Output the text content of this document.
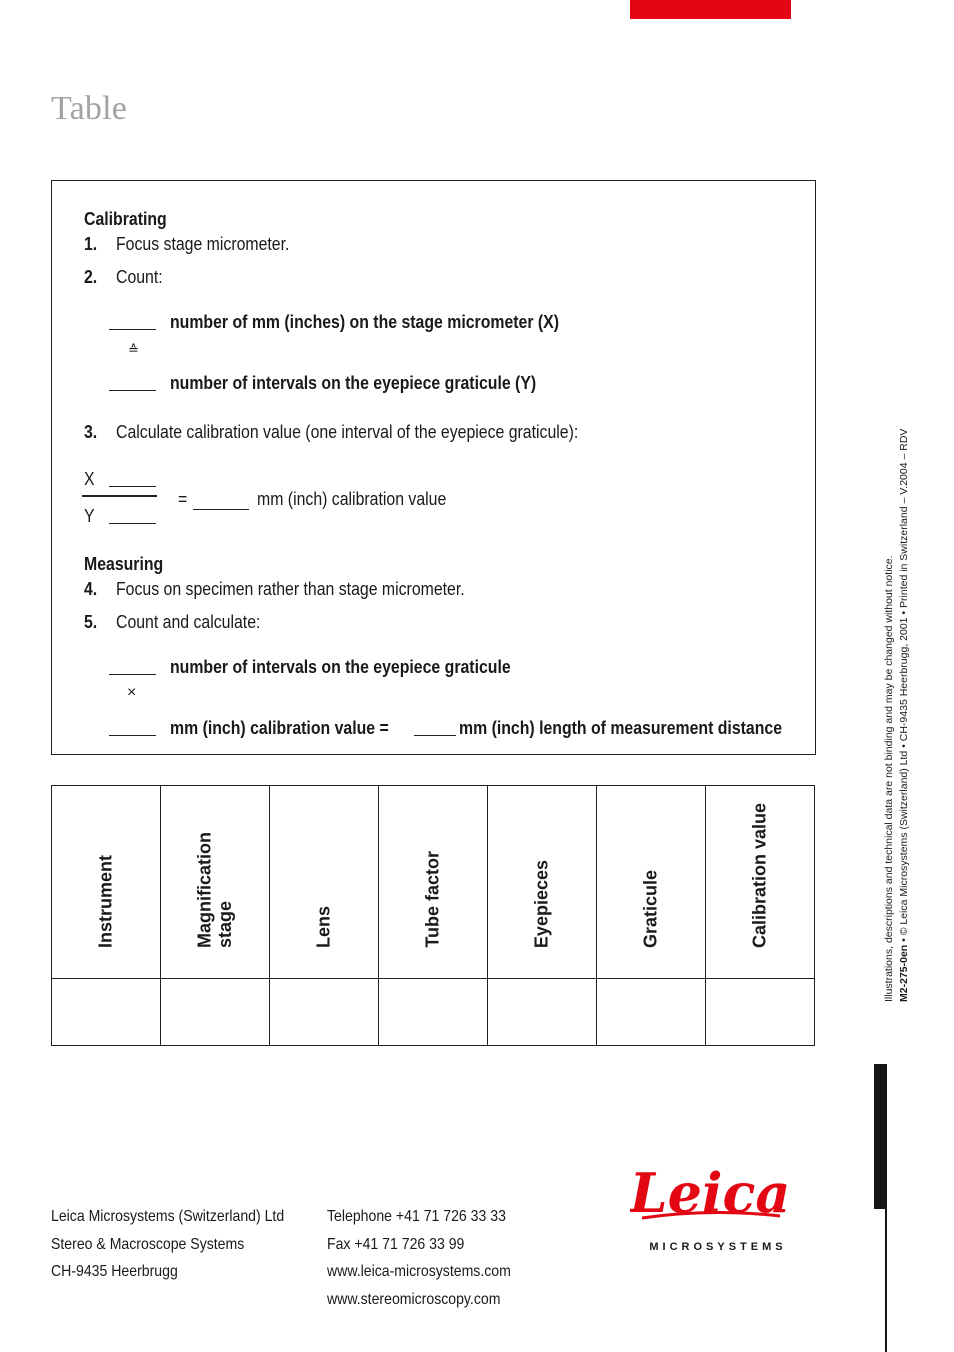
Table
Calibrating
1. Focus stage micrometer.
2. Count:
number of mm (inches) on the stage micrometer (X)
≙
number of intervals on the eyepiece graticule (Y)
3. Calculate calibration value (one interval of the eyepiece graticule):
X
Y
=	mm (inch) calibration value
Measuring
4. Focus on specimen rather than stage micrometer.
5. Count and calculate:
number of intervals on the eyepiece graticule
×
mm (inch) calibration value =	mm (inch) length of measurement distance
Instrument	Magnification stage	Lens	Tube factor	Eyepieces	Graticule	Calibration value

Leica Microsystems (Switzerland) Ltd
Stereo & Macroscope Systems
CH-9435 Heerbrugg
Telephone +41 71 726 33 33
Fax +41 71 726 33 99
www.leica-microsystems.com
www.stereomicroscopy.com
Leica
MICROSYSTEMS
Illustrations, descriptions and technical data are not binding and may be changed without notice. M2-275-0en • © Leica Microsystems (Switzerland) Ltd • CH-9435 Heerbrugg, 2001 • Printed in Switzerland – V.2004 – RDV
